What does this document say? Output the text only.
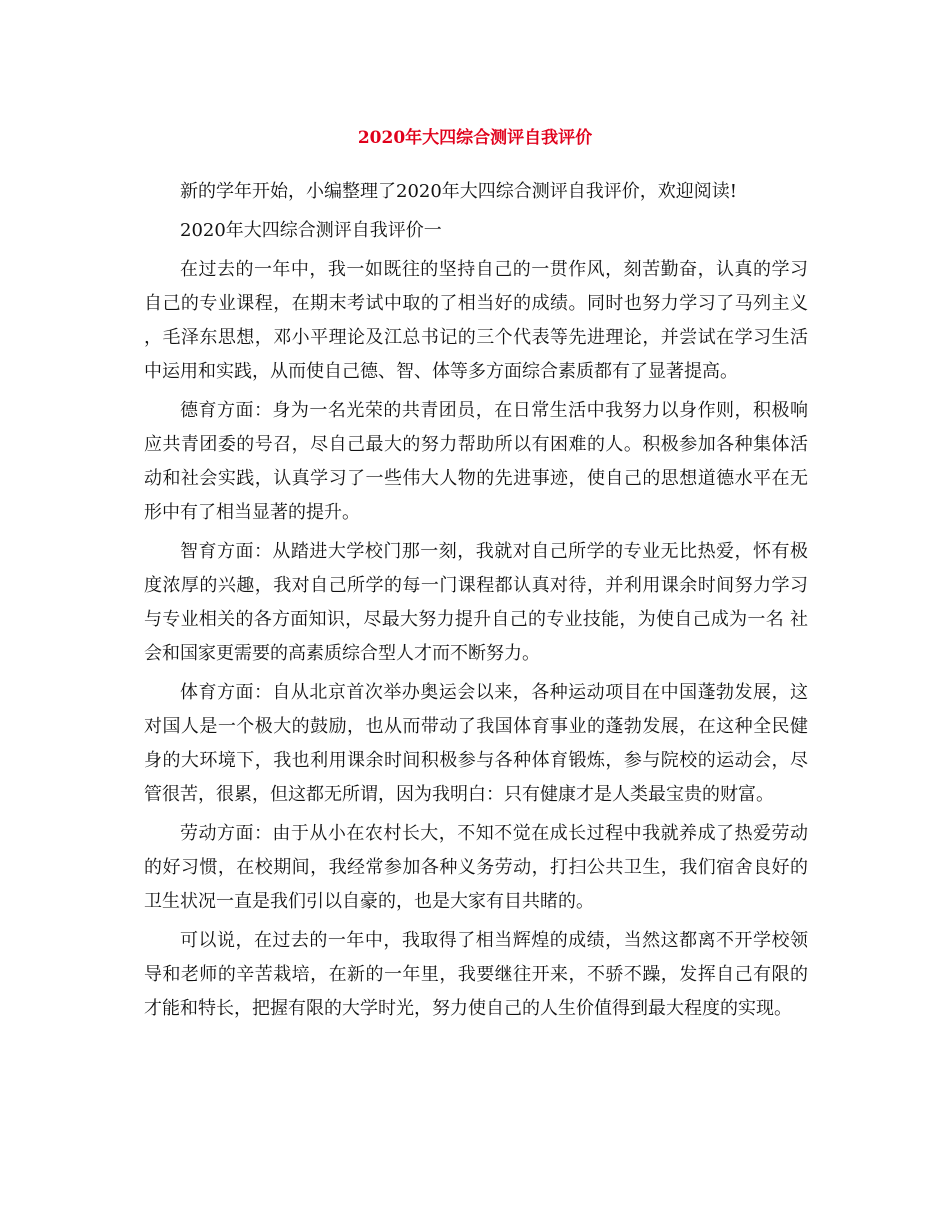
2020年大四综合测评自我评价

新的学年开始，小编整理了2020年大四综合测评自我评价，欢迎阅读!

2020年大四综合测评自我评价一

在过去的一年中，我一如既往的坚持自己的一贯作风，刻苦勤奋，认真的学习自己的专业课程，在期末考试中取的了相当好的成绩。同时也努力学习了马列主义，毛泽东思想，邓小平理论及江总书记的三个代表等先进理论，并尝试在学习生活中运用和实践，从而使自己德、智、体等多方面综合素质都有了显著提高。

德育方面：身为一名光荣的共青团员，在日常生活中我努力以身作则，积极响应共青团委的号召，尽自己最大的努力帮助所以有困难的人。积极参加各种集体活动和社会实践，认真学习了一些伟大人物的先进事迹，使自己的思想道德水平在无形中有了相当显著的提升。

智育方面：从踏进大学校门那一刻，我就对自己所学的专业无比热爱，怀有极度浓厚的兴趣，我对自己所学的每一门课程都认真对待，并利用课余时间努力学习与专业相关的各方面知识，尽最大努力提升自己的专业技能，为使自己成为一名 社会和国家更需要的高素质综合型人才而不断努力。

体育方面：自从北京首次举办奥运会以来，各种运动项目在中国蓬勃发展，这对国人是一个极大的鼓励，也从而带动了我国体育事业的蓬勃发展，在这种全民健身的大环境下，我也利用课余时间积极参与各种体育锻炼，参与院校的运动会，尽管很苦，很累，但这都无所谓，因为我明白：只有健康才是人类最宝贵的财富。

劳动方面：由于从小在农村长大，不知不觉在成长过程中我就养成了热爱劳动的好习惯，在校期间，我经常参加各种义务劳动，打扫公共卫生，我们宿舍良好的卫生状况一直是我们引以自豪的，也是大家有目共睹的。

可以说，在过去的一年中，我取得了相当辉煌的成绩，当然这都离不开学校领导和老师的辛苦栽培，在新的一年里，我要继往开来，不骄不躁，发挥自己有限的才能和特长，把握有限的大学时光，努力使自己的人生价值得到最大程度的实现。
